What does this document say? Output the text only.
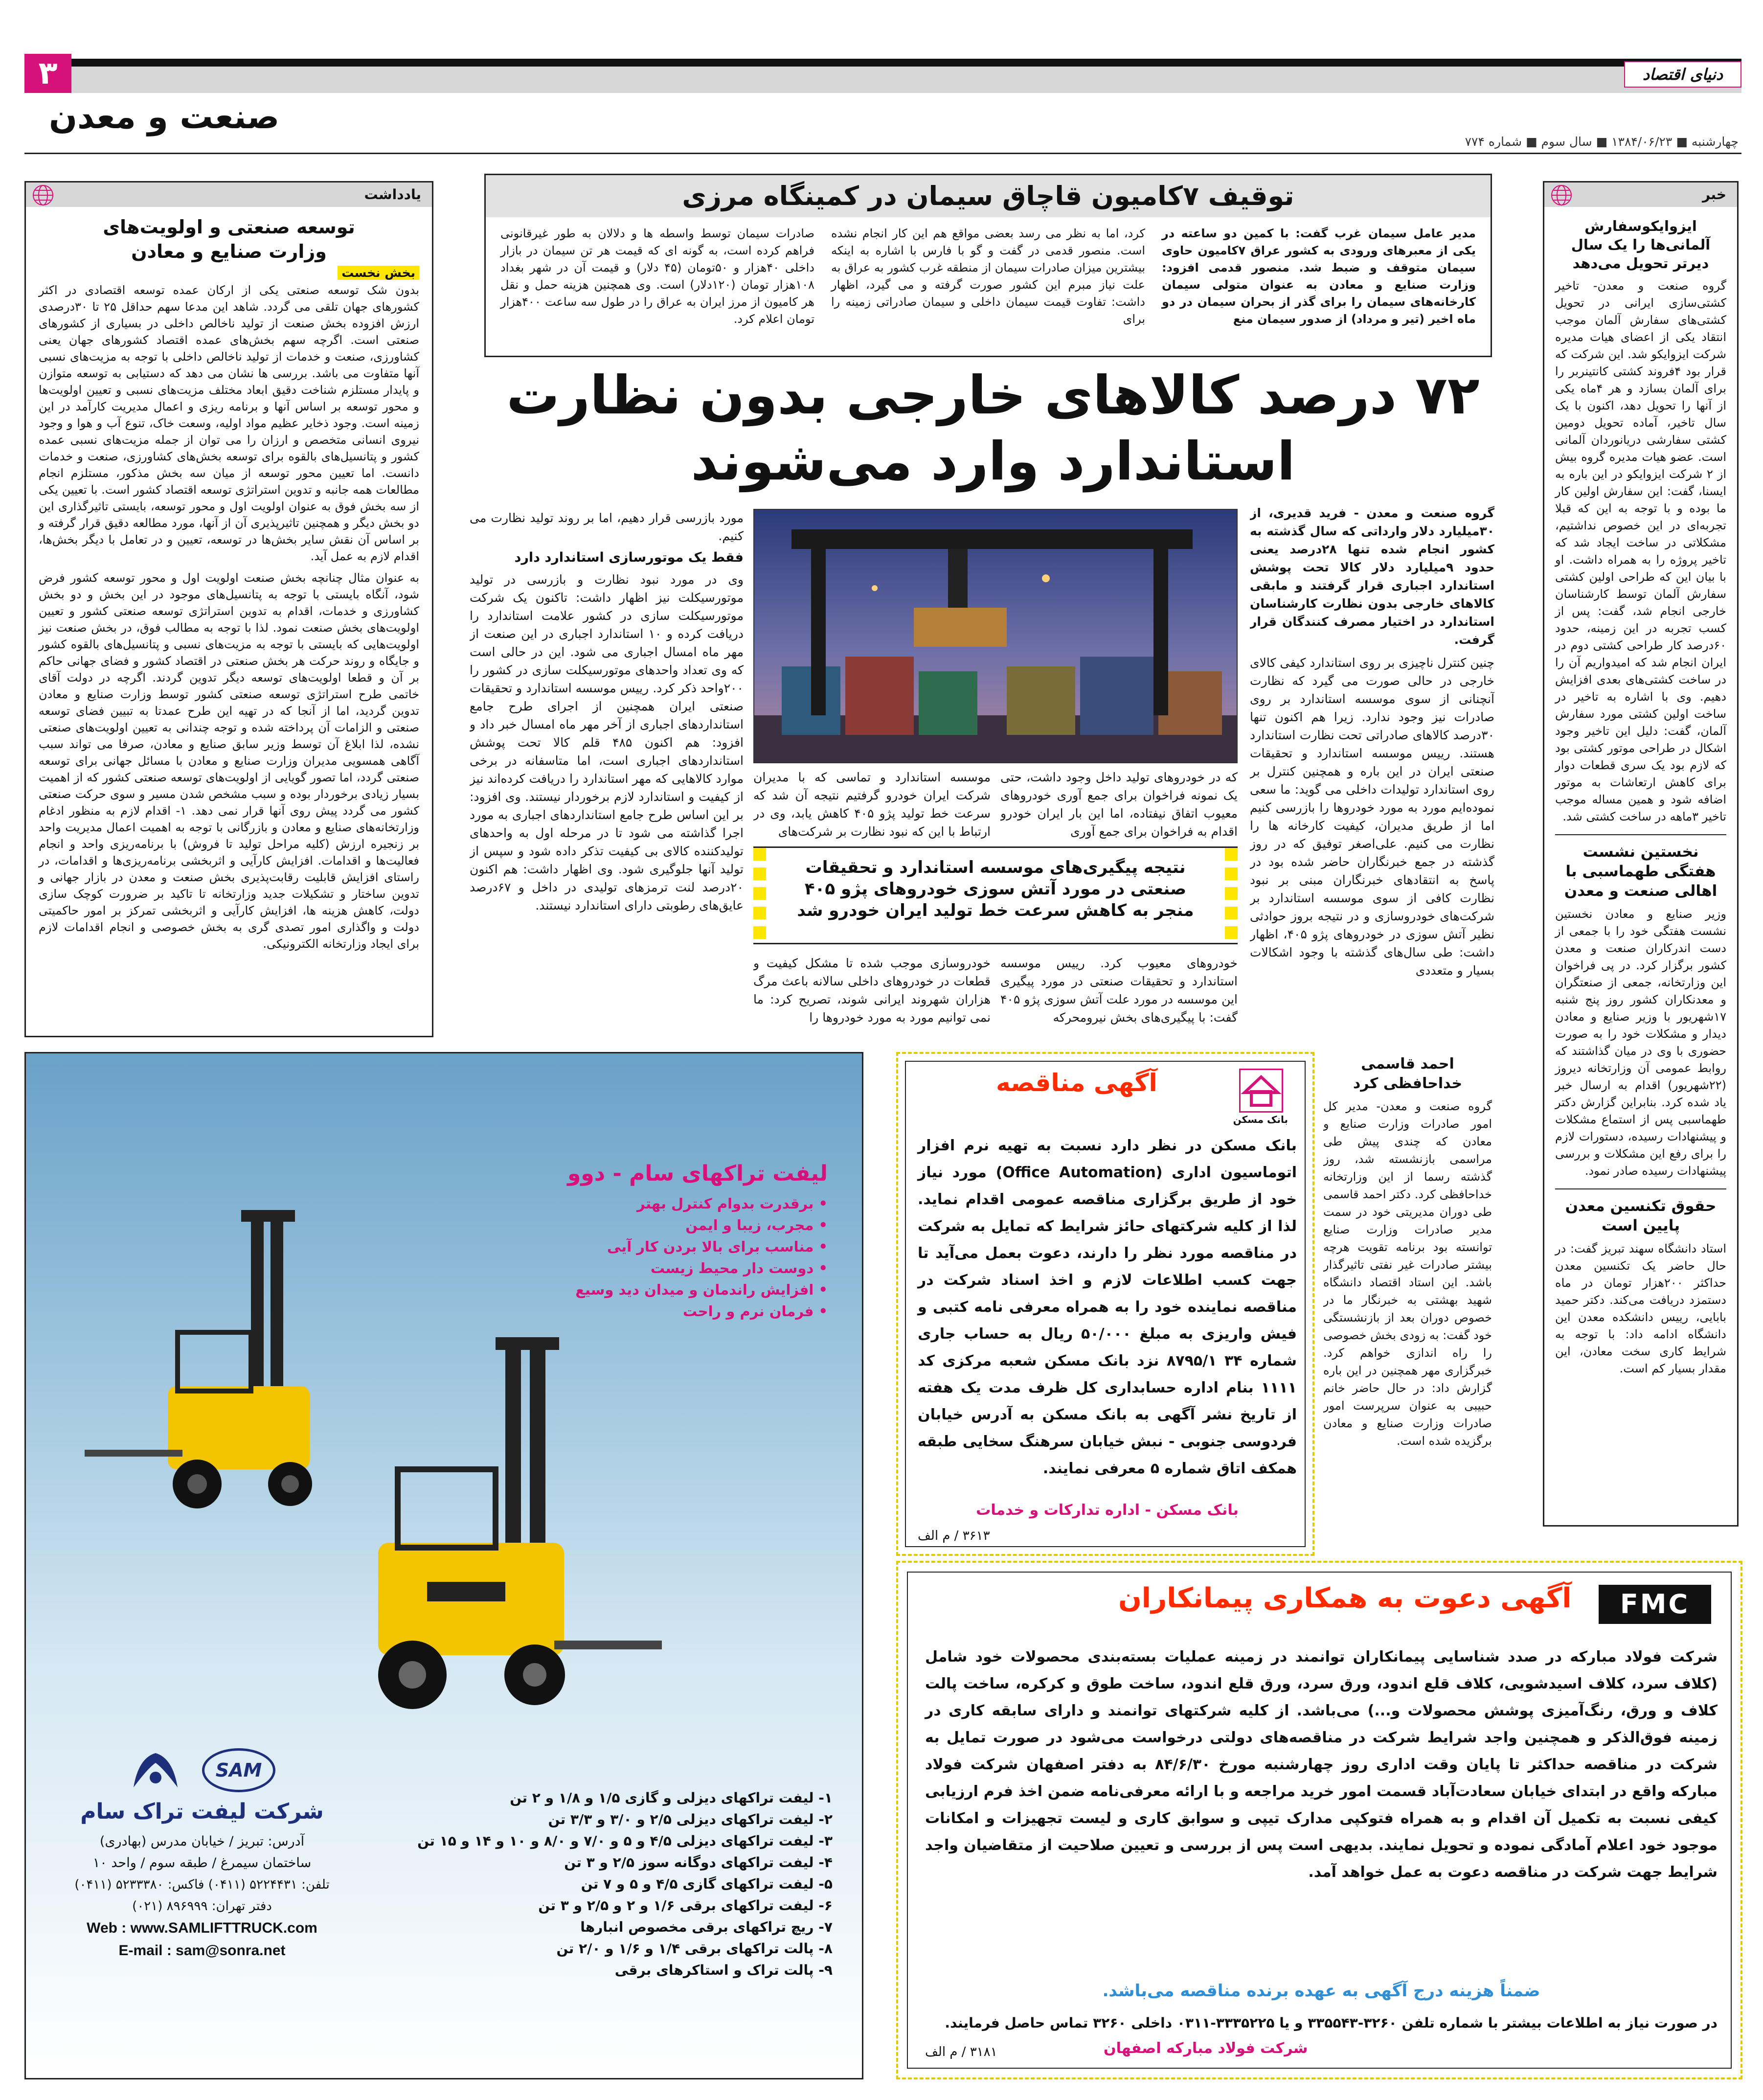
۳	دنیای اقتصاد
صنعت و معدن
چهارشنبه ■ ۱۳۸۴/۰۶/۲۳ ■ سال سوم ■ شماره ۷۷۴
خبر
ایزوایکوسفارش آلمانی‌ها را یک سال دیرتر تحویل می‌دهد
گروه صنعت و معدن- تاخیر کشتی‌سازی ایرانی در تحویل کشتی‌های سفارش آلمان موجب انتقاد یکی از اعضای هیات مدیره شرکت ایزوایکو شد. این شرکت که قرار بود ۴فروند کشتی کانتینربر را برای آلمان بسازد و هر ۴ماه یکی از آنها را تحویل دهد، اکنون با یک سال تاخیر، آماده تحویل دومین کشتی سفارشی دریانوردان آلمانی است. عضو هیات مدیره گروه بیش از ۲ شرکت ایزوایکو در این باره به ایسنا، گفت: این سفارش اولین کار ما بوده و با توجه به این که قبلا تجربه‌ای در این خصوص نداشتیم، مشکلاتی در ساخت ایجاد شد که تاخیر پروژه را به همراه داشت. او با بیان این که طراحی اولین کشتی سفارش آلمان توسط کارشناسان خارجی انجام شد، گفت: پس از کسب تجربه در این زمینه، حدود ۶۰درصد کار طراحی کشتی دوم در ایران انجام شد که امیدواریم آن را در ساخت کشتی‌های بعدی افزایش دهیم. وی با اشاره به تاخیر در ساخت اولین کشتی مورد سفارش آلمان، گفت: دلیل این تاخیر وجود اشکال در طراحی موتور کشتی بود که لازم بود یک سری قطعات دوار برای کاهش ارتعاشات به موتور اضافه شود و همین مساله موجب تاخیر ۳ماهه در ساخت کشتی شد.
نخستین نشست هفتگی طهماسبی با اهالی صنعت و معدن
وزیر صنایع و معادن نخستین نشست هفتگی خود را با جمعی از دست اندرکاران صنعت و معدن کشور برگزار کرد. در پی فراخوان این وزارتخانه، جمعی از صنعتگران و معدنکاران کشور روز پنج شنبه ۱۷شهریور با وزیر صنایع و معادن دیدار و مشکلات خود را به صورت حضوری با وی در میان گذاشتند که روابط عمومی آن وزارتخانه دیروز (۲۲شهریور) اقدام به ارسال خبر یاد شده کرد. بنابراین گزارش دکتر طهماسبی پس از استماع مشکلات و پیشنهادات رسیده، دستورات لازم را برای رفع این مشکلات و بررسی پیشنهادات رسیده صادر نمود.
حقوق تکنسین معدن پایین است
استاد دانشگاه سهند تبریز گفت: در حال حاضر یک تکنسین معدن حداکثر ۲۰۰هزار تومان در ماه دستمزد دریافت می‌کند. دکتر حمید بابایی، رییس دانشکده معدن این دانشگاه ادامه داد: با توجه به شرایط کاری سخت معادن، این مقدار بسیار کم است.
یادداشت
توسعه صنعتی و اولویت‌های
وزارت صنایع و معادن
بخش نخست
بدون شک توسعه صنعتی یکی از ارکان عمده توسعه اقتصادی در اکثر کشورهای جهان تلقی می گردد. شاهد این مدعا سهم حداقل ۲۵ تا ۳۰درصدی ارزش افزوده بخش صنعت از تولید ناخالص داخلی در بسیاری از کشورهای صنعتی است. اگرچه سهم بخش‌های عمده اقتصاد کشورهای جهان یعنی کشاورزی، صنعت و خدمات از تولید ناخالص داخلی با توجه به مزیت‌های نسبی آنها متفاوت می باشد. بررسی ها نشان می دهد که دستیابی به توسعه متوازن و پایدار مستلزم شناخت دقیق ابعاد مختلف مزیت‌های نسبی و تعیین اولویت‌ها و محور توسعه بر اساس آنها و برنامه ریزی و اعمال مدیریت کارآمد در این زمینه است. وجود ذخایر عظیم مواد اولیه، وسعت خاک، تنوع آب و هوا و وجود نیروی انسانی متخصص و ارزان را می توان از جمله مزیت‌های نسبی عمده کشور و پتانسیل‌های بالقوه برای توسعه بخش‌های کشاورزی، صنعت و خدمات دانست. اما تعیین محور توسعه از میان سه بخش مذکور، مستلزم انجام مطالعات همه جانبه و تدوین استراتژی توسعه اقتصاد کشور است. با تعیین یکی از سه بخش فوق به عنوان اولویت اول و محور توسعه، بایستی تاثیرگذاری این دو بخش دیگر و همچنین تاثیرپذیری آن از آنها، مورد مطالعه دقیق قرار گرفته و بر اساس آن نقش سایر بخش‌ها در توسعه، تعیین و در تعامل با دیگر بخش‌ها، اقدام لازم به عمل آید.
به عنوان مثال چنانچه بخش صنعت اولویت اول و محور توسعه کشور فرض شود، آنگاه بایستی با توجه به پتانسیل‌های موجود در این بخش و دو بخش کشاورزی و خدمات، اقدام به تدوین استراتژی توسعه صنعتی کشور و تعیین اولویت‌های بخش صنعت نمود. لذا با توجه به مطالب فوق، در بخش صنعت نیز اولویت‌هایی که بایستی با توجه به مزیت‌های نسبی و پتانسیل‌های بالقوه کشور و جایگاه و روند حرکت هر بخش صنعتی در اقتصاد کشور و فضای جهانی حاکم بر آن و قطعا اولویت‌های توسعه دیگر تدوین گردند. اگرچه در دولت آقای خاتمی طرح استراتژی توسعه صنعتی کشور توسط وزارت صنایع و معادن تدوین گردید، اما از آنجا که در تهیه این طرح عمدتا به تبیین فضای توسعه صنعتی و الزامات آن پرداخته شده و توجه چندانی به تعیین اولویت‌های صنعتی نشده، لذا ابلاغ آن توسط وزیر سابق صنایع و معادن، صرفا می تواند سبب آگاهی همسویی مدیران وزارت صنایع و معادن با مسائل جهانی برای توسعه صنعتی گردد، اما تصور گویایی از اولویت‌های توسعه صنعتی کشور که از اهمیت بسیار زیادی برخوردار بوده و سبب مشخص شدن مسیر و سوی حرکت صنعتی کشور می گردد پیش روی آنها قرار نمی دهد. ۱- اقدام لازم به منظور ادغام وزارتخانه‌های صنایع و معادن و بازرگانی با توجه به اهمیت اعمال مدیریت واحد بر زنجیره ارزش (کلیه مراحل تولید تا فروش) با برنامه‌ریزی واحد و انجام فعالیت‌ها و اقدامات. افزایش کارآیی و اثربخشی برنامه‌ریزی‌ها و اقدامات، در راستای افزایش قابلیت رقابت‌پذیری بخش صنعت و معدن در بازار جهانی و تدوین ساختار و تشکیلات جدید وزارتخانه تا تاکید بر ضرورت کوچک سازی دولت، کاهش هزینه ها، افزایش کارآیی و اثربخشی تمرکز بر امور حاکمیتی دولت و واگذاری امور تصدی گری به بخش خصوصی و انجام اقدامات لازم برای ایجاد وزارتخانه الکترونیکی.
توقیف ۷کامیون قاچاق سیمان در کمینگاه مرزی
مدیر عامل سیمان غرب گفت: با کمین دو ساعته در یکی از معبرهای ورودی به کشور عراق ۷کامیون حاوی سیمان متوقف و ضبط شد. منصور قدمی افزود: وزارت صنایع و معادن به عنوان متولی سیمان کارخانه‌های سیمان را برای گذر از بحران سیمان در دو ماه اخیر (تیر و مرداد) از صدور سیمان منع
کرد، اما به نظر می رسد بعضی مواقع هم این کار انجام نشده است. منصور قدمی در گفت و گو با فارس با اشاره به اینکه بیشترین میزان صادرات سیمان از منطقه غرب کشور به عراق به علت نیاز مبرم این کشور صورت گرفته و می گیرد، اظهار داشت: تفاوت قیمت سیمان داخلی و سیمان صادراتی زمینه را برای
صادرات سیمان توسط واسطه ها و دلالان به طور غیرقانونی فراهم کرده است، به گونه ای که قیمت هر تن سیمان در بازار داخلی ۴۰هزار و ۵۰تومان (۴۵ دلار) و قیمت آن در شهر بغداد ۱۰۸هزار تومان (۱۲۰دلار) است. وی همچنین هزینه حمل و نقل هر کامیون از مرز ایران به عراق را در طول سه ساعت ۴۰۰هزار تومان اعلام کرد.
۷۲ درصد کالاهای خارجی بدون نظارت
استاندارد وارد می‌شوند
گروه صنعت و معدن - فرید قدیری، از ۳۰میلیارد دلار وارداتی که سال گذشته به کشور انجام شده تنها ۲۸درصد یعنی حدود ۹میلیارد دلار کالا تحت پوشش استاندارد اجباری قرار گرفتند و مابقی کالاهای خارجی بدون نظارت کارشناسان استاندارد در اختیار مصرف کنندگان قرار گرفت.
چنین کنترل ناچیزی بر روی استاندارد کیفی کالای خارجی در حالی صورت می گیرد که نظارت آنچنانی از سوی موسسه استاندارد بر روی صادرات نیز وجود ندارد. زیرا هم اکنون تنها ۳۰درصد کالاهای صادراتی تحت نظارت استاندارد هستند. رییس موسسه استاندارد و تحقیقات صنعتی ایران در این باره و همچنین کنترل بر روی استاندارد تولیدات داخلی می گوید: ما سعی نموده‌ایم مورد به مورد خودروها را بازرسی کنیم اما از طریق مدیران، کیفیت کارخانه ها را نظارت می کنیم. علی‌اصغر توفیق که در روز گذشته در جمع خبرنگاران حاضر شده بود در پاسخ به انتقادهای خبرنگاران مبنی بر نبود نظارت کافی از سوی موسسه استاندارد بر شرکت‌های خودروسازی و در نتیجه بروز حوادثی نظیر آتش سوزی در خودروهای پژو ۴۰۵، اظهار داشت: طی سال‌های گذشته با وجود اشکالات بسیار و متعددی
مورد بازرسی قرار دهیم، اما بر روند تولید نظارت می کنیم.
فقط یک موتورسازی استاندارد دارد
وی در مورد نبود نظارت و بازرسی در تولید موتورسیکلت نیز اظهار داشت: تاکنون یک شرکت موتورسیکلت سازی در کشور علامت استاندارد را دریافت کرده و ۱۰ استاندارد اجباری در این صنعت از مهر ماه امسال اجباری می شود. این در حالی است که وی تعداد واحدهای موتورسیکلت سازی در کشور را ۲۰۰واحد ذکر کرد. رییس موسسه استاندارد و تحقیقات صنعتی ایران همچنین از اجرای طرح جامع استانداردهای اجباری از آخر مهر ماه امسال خبر داد و افزود: هم اکنون ۴۸۵ قلم کالا تحت پوشش استانداردهای اجباری است، اما متاسفانه در برخی موارد کالاهایی که مهر استاندارد را دریافت کرده‌اند نیز از کیفیت و استاندارد لازم برخوردار نیستند. وی افزود: بر این اساس طرح جامع استانداردهای اجباری به مورد اجرا گذاشته می شود تا در مرحله اول به واحدهای تولیدکننده کالای بی کیفیت تذکر داده شود و سپس از تولید آنها جلوگیری شود. وی اظهار داشت: هم اکنون ۲۰درصد لنت ترمزهای تولیدی در داخل و ۶۷درصد عایق‌های رطوبتی دارای استاندارد نیستند.
که در خودروهای تولید داخل وجود داشت، حتی یک نمونه فراخوان برای جمع آوری خودروهای معیوب اتفاق نیفتاده، اما این بار ایران خودرو اقدام به فراخوان برای جمع آوری
موسسه استاندارد و تماسی که با مدیران شرکت ایران خودرو گرفتیم نتیجه آن شد که سرعت خط تولید پژو ۴۰۵ کاهش یابد، وی در ارتباط با این که نبود نظارت بر شرکت‌های
نتیجه پیگیری‌های موسسه استاندارد و تحقیقات صنعتی در مورد آتش سوزی خودروهای پژو ۴۰۵ منجر به کاهش سرعت خط تولید ایران خودرو شد
خودروسازی موجب شده تا مشکل کیفیت و قطعات در خودروهای داخلی سالانه باعث مرگ هزاران شهروند ایرانی شوند، تصریح کرد: ما نمی توانیم مورد به مورد خودروها را
خودروهای معیوب کرد. رییس موسسه استاندارد و تحقیقات صنعتی در مورد پیگیری این موسسه در مورد علت آتش سوزی پژو ۴۰۵ گفت: با پیگیری‌های بخش نیرومحرکه
احمد قاسمی
خداحافظی کرد
گروه صنعت و معدن- مدیر کل امور صادرات وزارت صنایع و معادن که چندی پیش طی مراسمی بازنشسته شد، روز گذشته رسما از این وزارتخانه خداحافظی کرد. دکتر احمد قاسمی طی دوران مدیریتی خود در سمت مدیر صادرات وزارت صنایع توانسته بود برنامه تقویت هرچه بیشتر صادرات غیر نفتی تاثیرگذار باشد. این استاد اقتصاد دانشگاه شهید بهشتی به خبرنگار ما در خصوص دوران بعد از بازنشستگی خود گفت: به زودی بخش خصوصی را راه اندازی خواهم کرد. خبرگزاری مهر همچنین در این باره گزارش داد: در حال حاضر خانم حبیبی به عنوان سرپرست امور صادرات وزارت صنایع و معادن برگزیده شده است.
بانک مسکن
آگهی مناقصه
بانک مسکن در نظر دارد نسبت به تهیه نرم افزار اتوماسیون اداری (Office Automation) مورد نیاز خود از طریق برگزاری مناقصه عمومی اقدام نماید. لذا از کلیه شرکتهای حائز شرایط که تمایل به شرکت در مناقصه مورد نظر را دارند، دعوت بعمل می‌آید تا جهت کسب اطلاعات لازم و اخذ اسناد شرکت در مناقصه نماینده خود را به همراه معرفی نامه کتبی و فیش واریزی به مبلغ ۵۰/۰۰۰ ریال به حساب جاری شماره ۳۴ ۸۷۹۵/۱ نزد بانک مسکن شعبه مرکزی کد ۱۱۱۱ بنام اداره حسابداری کل ظرف مدت یک هفته از تاریخ نشر آگهی به بانک مسکن به آدرس خیابان فردوسی جنوبی - نبش خیابان سرهنگ سخایی طبقه همکف اتاق شماره ۵ معرفی نمایند.
بانک مسکن - اداره تدارکات و خدمات
۳۶۱۳ / م الف
FMC
آگهی دعوت به همکاری پیمانکاران
شرکت فولاد مبارکه در صدد شناسایی پیمانکاران توانمند در زمینه عملیات بسته‌بندی محصولات خود شامل (کلاف سرد، کلاف اسیدشویی، کلاف قلع اندود، ورق سرد، ورق قلع اندود، ساخت طوق و کرکره، ساخت پالت کلاف و ورق، رنگ‌آمیزی پوشش محصولات و...) می‌باشد. از کلیه شرکتهای توانمند و دارای سابقه کاری در زمینه فوق‌الذکر و همچنین واجد شرایط شرکت در مناقصه‌های دولتی درخواست می‌شود در صورت تمایل به شرکت در مناقصه حداکثر تا پایان وقت اداری روز چهارشنبه مورخ ۸۴/۶/۳۰ به دفتر اصفهان شرکت فولاد مبارکه واقع در ابتدای خیابان سعادت‌آباد قسمت امور خرید مراجعه و با ارائه معرفی‌نامه ضمن اخذ فرم ارزیابی کیفی نسبت به تکمیل آن اقدام و به همراه فتوکپی مدارک تیپی و سوابق کاری و لیست تجهیزات و امکانات موجود خود اعلام آمادگی نموده و تحویل نمایند. بدیهی است پس از بررسی و تعیین صلاحیت از متقاضیان واجد شرایط جهت شرکت در مناقصه دعوت به عمل خواهد آمد.
ضمناً هزینه درج آگهی به عهده برنده مناقصه می‌باشد.
در صورت نیاز به اطلاعات بیشتر با شماره تلفن ۳۲۶۰-۳۳۵۵۴۳ و یا ۳۳۳۵۲۲۵-۰۳۱۱ داخلی ۳۲۶۰ تماس حاصل فرمایند.
شرکت فولاد مبارکه اصفهان
۳۱۸۱ / م الف
لیفت تراکهای سام - دوو
• برقدرت بدوام کنترل بهتر
• مجرب، زیبا و ایمن
• مناسب برای بالا بردن کار آیی
• دوست دار محیط زیست
• افزایش راندمان و میدان دید وسیع
• فرمان نرم و راحت
SAM
شرکت لیفت تراک سام
آدرس: تبریز / خیابان مدرس (بهادری)
ساختمان سیمرغ / طبقه سوم / واحد ۱۰
تلفن: ۵۲۲۴۴۳۱ (۰۴۱۱) فاکس: ۵۲۳۳۳۸۰ (۰۴۱۱)
دفتر تهران: ۸۹۶۹۹۹ (۰۲۱)
Web : www.SAMLIFTTRUCK.com
E-mail : sam@sonra.net
۱- لیفت تراکهای دیزلی و گازی ۱/۵ و ۱/۸ و ۲ تن
۲- لیفت تراکهای دیزلی ۲/۵ و ۳/۰ و ۳/۳ تن
۳- لیفت تراکهای دیزلی ۴/۵ و ۵ و ۷/۰ و ۸/۰ و ۱۰ و ۱۴ و ۱۵ تن
۴- لیفت تراکهای دوگانه سوز ۲/۵ و ۳ تن
۵- لیفت تراکهای گازی ۴/۵ و ۵ و ۷ تن
۶- لیفت تراکهای برقی ۱/۶ و ۲ و ۲/۵ و ۳ تن
۷- ریچ تراکهای برقی مخصوص انبارها
۸- پالت تراکهای برقی ۱/۴ و ۱/۶ و ۲/۰ تن
۹- پالت تراک و استاکرهای برقی
